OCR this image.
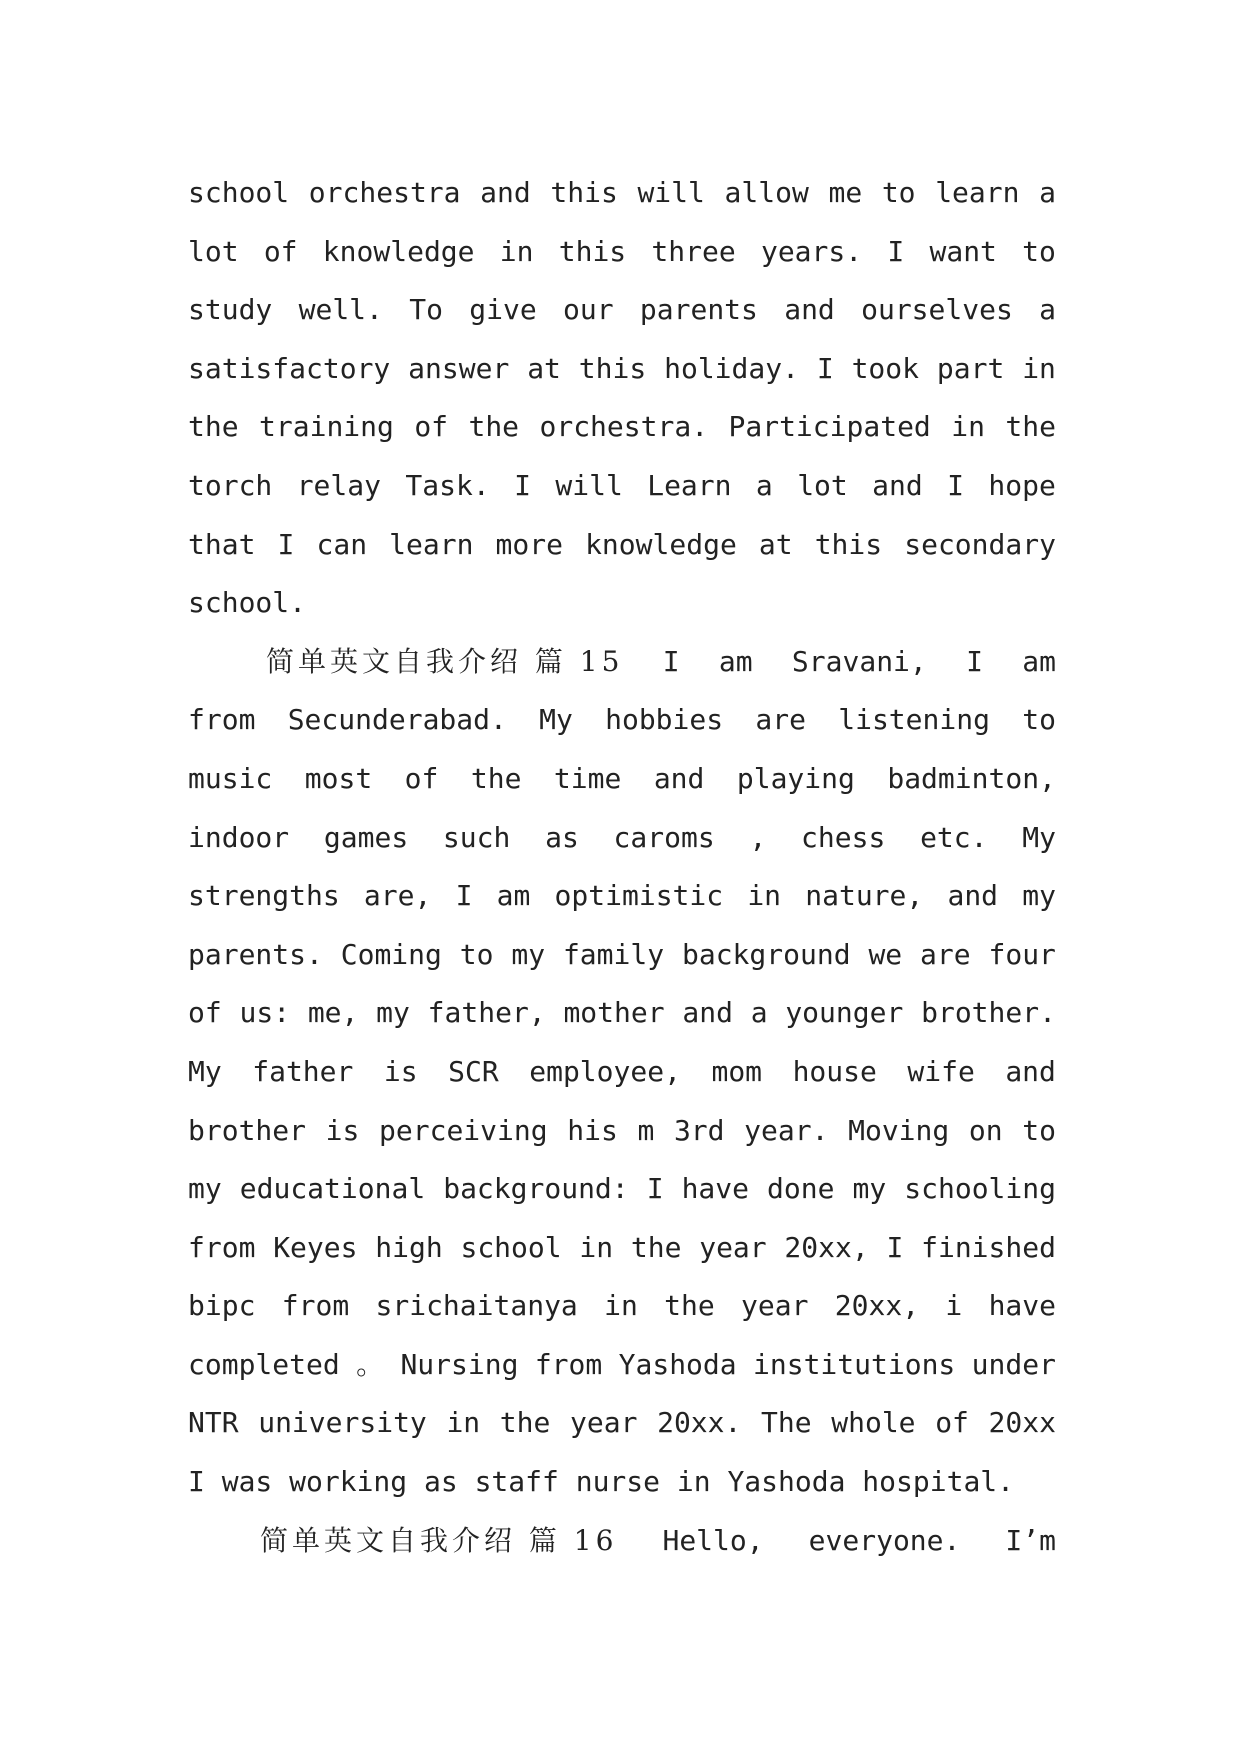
school orchestra and this will allow me to learn a
lot of knowledge in this three years. I want to
study well. To give our parents and ourselves a
satisfactory answer at this holiday. I took part in
the training of the orchestra. Participated in the
torch relay Task. I will Learn a lot and I hope
that I can learn more knowledge at this secondary
school.
简单英文自我介绍 篇 15 I am Sravani, I am
from Secunderabad. My hobbies are listening to
music most of the time and playing badminton,
indoor games such as caroms , chess etc. My
strengths are, I am optimistic in nature, and my
parents. Coming to my family background we are four
of us: me, my father, mother and a younger brother.
My father is SCR employee, mom house wife and
brother is perceiving his m 3rd year. Moving on to
my educational background: I have done my schooling
from Keyes high school in the year 20xx, I finished
bipc from srichaitanya in the year 20xx, i have
completed 。 Nursing from Yashoda institutions under
NTR university in the year 20xx. The whole of 20xx
I was working as staff nurse in Yashoda hospital.
简单英文自我介绍 篇 16 Hello, everyone. I’m
